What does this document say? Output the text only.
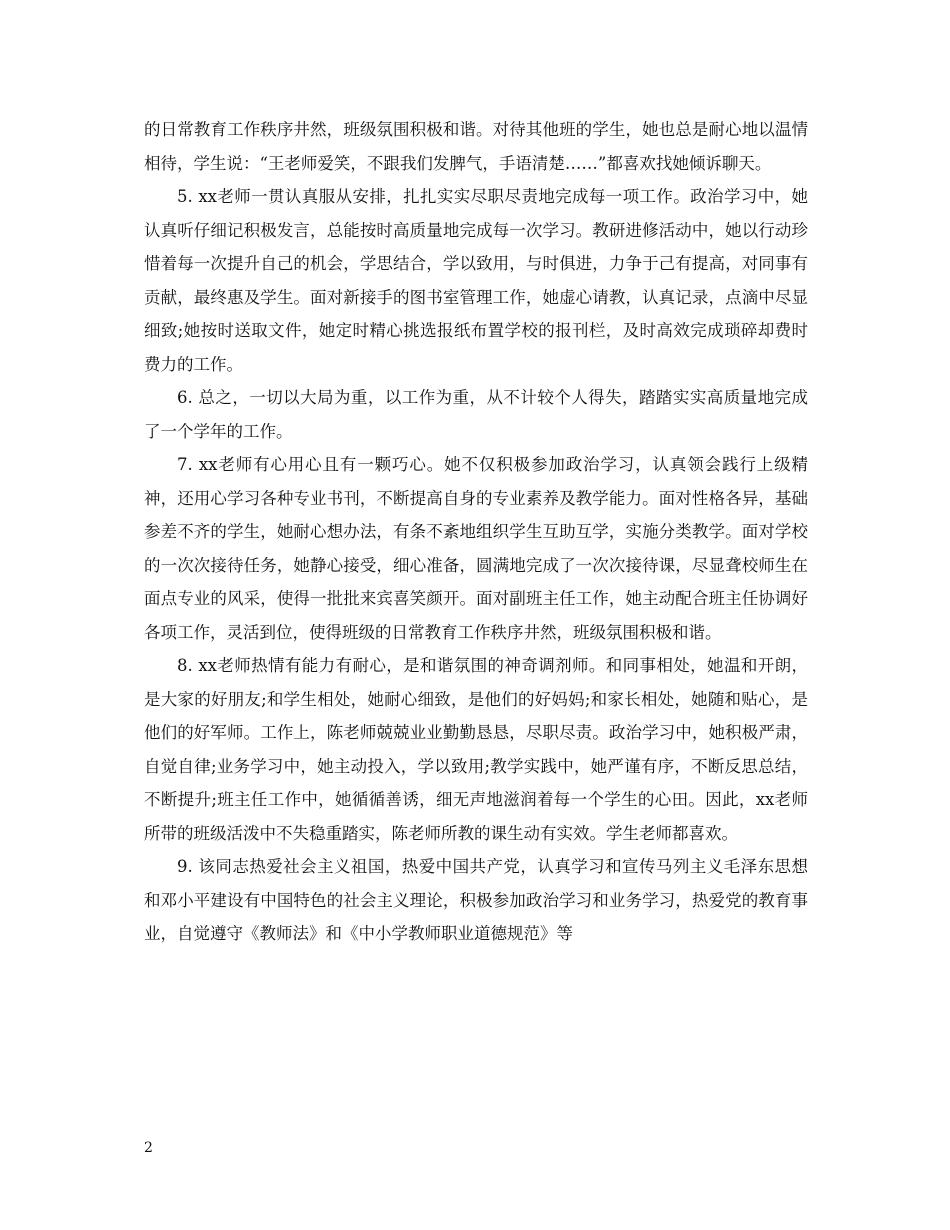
的日常教育工作秩序井然，班级氛围积极和谐。对待其他班的学生，她也总是耐心地以温情相待，学生说：“王老师爱笑，不跟我们发脾气，手语清楚……”都喜欢找她倾诉聊天。

5. xx老师一贯认真服从安排，扎扎实实尽职尽责地完成每一项工作。政治学习中，她认真听仔细记积极发言，总能按时高质量地完成每一次学习。教研进修活动中，她以行动珍惜着每一次提升自己的机会，学思结合，学以致用，与时俱进，力争于己有提高，对同事有贡献，最终惠及学生。面对新接手的图书室管理工作，她虚心请教，认真记录，点滴中尽显细致;她按时送取文件，她定时精心挑选报纸布置学校的报刊栏，及时高效完成琐碎却费时费力的工作。

6. 总之，一切以大局为重，以工作为重，从不计较个人得失，踏踏实实高质量地完成了一个学年的工作。

7. xx老师有心用心且有一颗巧心。她不仅积极参加政治学习，认真领会践行上级精神，还用心学习各种专业书刊，不断提高自身的专业素养及教学能力。面对性格各异，基础参差不齐的学生，她耐心想办法，有条不紊地组织学生互助互学，实施分类教学。面对学校的一次次接待任务，她静心接受，细心准备，圆满地完成了一次次接待课，尽显聋校师生在面点专业的风采，使得一批批来宾喜笑颜开。面对副班主任工作，她主动配合班主任协调好各项工作，灵活到位，使得班级的日常教育工作秩序井然，班级氛围积极和谐。

8. xx老师热情有能力有耐心，是和谐氛围的神奇调剂师。和同事相处，她温和开朗，是大家的好朋友;和学生相处，她耐心细致，是他们的好妈妈;和家长相处，她随和贴心，是他们的好军师。工作上，陈老师兢兢业业勤勤恳恳，尽职尽责。政治学习中，她积极严肃，自觉自律;业务学习中，她主动投入，学以致用;教学实践中，她严谨有序，不断反思总结，不断提升;班主任工作中，她循循善诱，细无声地滋润着每一个学生的心田。因此，xx老师所带的班级活泼中不失稳重踏实，陈老师所教的课生动有实效。学生老师都喜欢。

9. 该同志热爱社会主义祖国，热爱中国共产党，认真学习和宣传马列主义毛泽东思想和邓小平建设有中国特色的社会主义理论，积极参加政治学习和业务学习，热爱党的教育事业，自觉遵守《教师法》和《中小学教师职业道德规范》等

2
